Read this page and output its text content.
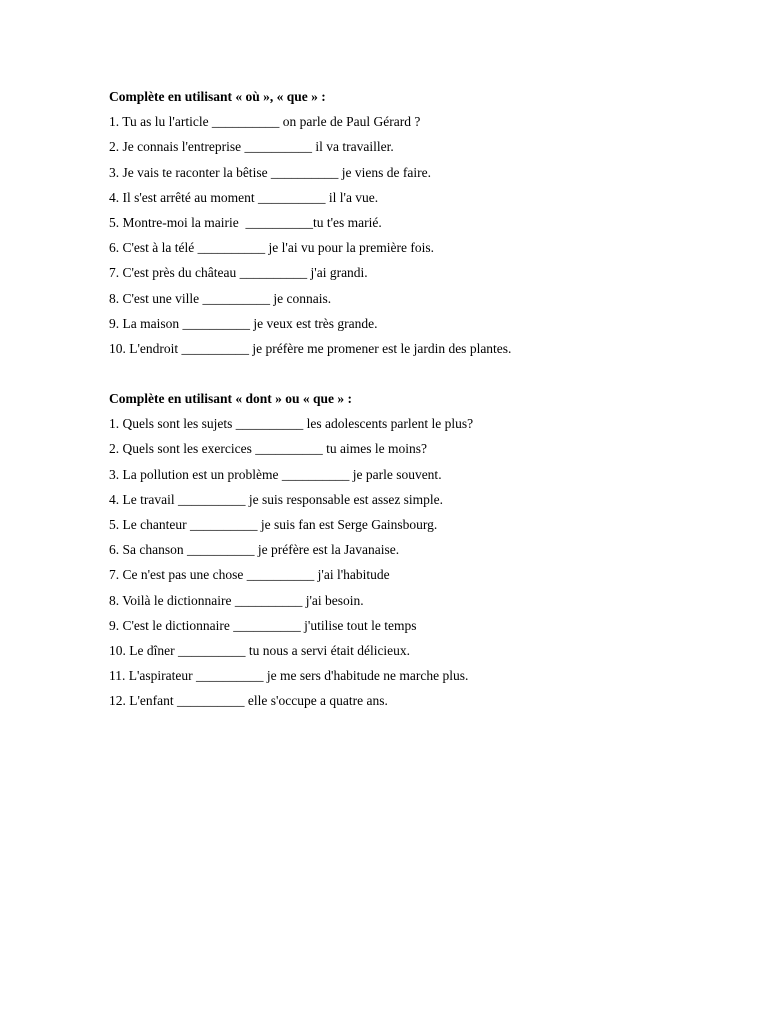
Complète en utilisant « où », « que » :
1. Tu as lu l'article __________ on parle de Paul Gérard ?
2. Je connais l'entreprise __________ il va travailler.
3. Je vais te raconter la bêtise __________ je viens de faire.
4. Il s'est arrêté au moment __________ il l'a vue.
5. Montre-moi la mairie  __________tu t'es marié.
6. C'est à la télé __________ je l'ai vu pour la première fois.
7. C'est près du château __________ j'ai grandi.
8. C'est une ville __________ je connais.
9. La maison __________ je veux est très grande.
10. L'endroit __________ je préfère me promener est le jardin des plantes.
Complète en utilisant « dont » ou « que » :
1. Quels sont les sujets __________ les adolescents parlent le plus?
2. Quels sont les exercices __________ tu aimes le moins?
3. La pollution est un problème __________ je parle souvent.
4. Le travail __________ je suis responsable est assez simple.
5. Le chanteur __________ je suis fan est Serge Gainsbourg.
6. Sa chanson __________ je préfère est la Javanaise.
7. Ce n'est pas une chose __________ j'ai l'habitude
8. Voilà le dictionnaire __________ j'ai besoin.
9. C'est le dictionnaire __________ j'utilise tout le temps
10. Le dîner __________ tu nous a servi était délicieux.
11. L'aspirateur __________ je me sers d'habitude ne marche plus.
12. L'enfant __________ elle s'occupe a quatre ans.
